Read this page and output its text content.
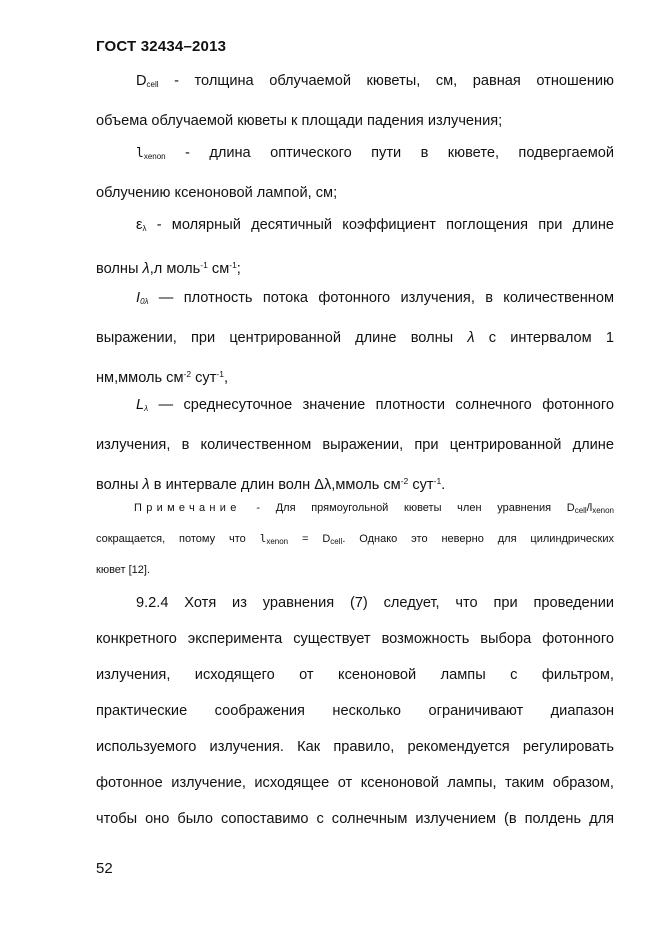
ГОСТ 32434–2013
$D_{cell}$ - толщина облучаемой кюветы, см, равная отношению
объема облучаемой кюветы к площади падения излучения;
$l_{xenon}$ - длина оптического пути в кювете, подвергаемой
облучению ксеноновой лампой, см;
$\varepsilon_\lambda$ - молярный десятичный коэффициент поглощения при длине
волны λ,л моль$^{-1}$ $см^{-1}$;
$I_{0\lambda}$ — плотность потока фотонного излучения, в количественном
выражении, при центрированной длине волны λ с интервалом 1
нм,ммоль $см^{-2}$ сут$^{-1}$,
$L_\lambda$ — среднесуточное значение плотности солнечного фотонного
излучения, в количественном выражении, при центрированной длине
волны λ в интервале длин волн Δλ,ммоль $см^{-2}$ сут$^{-1}$.
Примечание - Для прямоугольной кюветы член уравнения $D_{cell}/l_{xenon}$
сокращается, потому что $l_{xenon} = D_{cell}$. Однако это неверно для цилиндрических
кювет [12].
9.2.4 Хотя из уравнения (7) следует, что при проведении
конкретного эксперимента существует возможность выбора фотонного
излучения, исходящего от ксеноновой лампы с фильтром,
практические соображения несколько ограничивают диапазон
используемого излучения. Как правило, рекомендуется регулировать
фотонное излучение, исходящее от ксеноновой лампы, таким образом,
чтобы оно было сопоставимо с солнечным излучением (в полдень для
52
